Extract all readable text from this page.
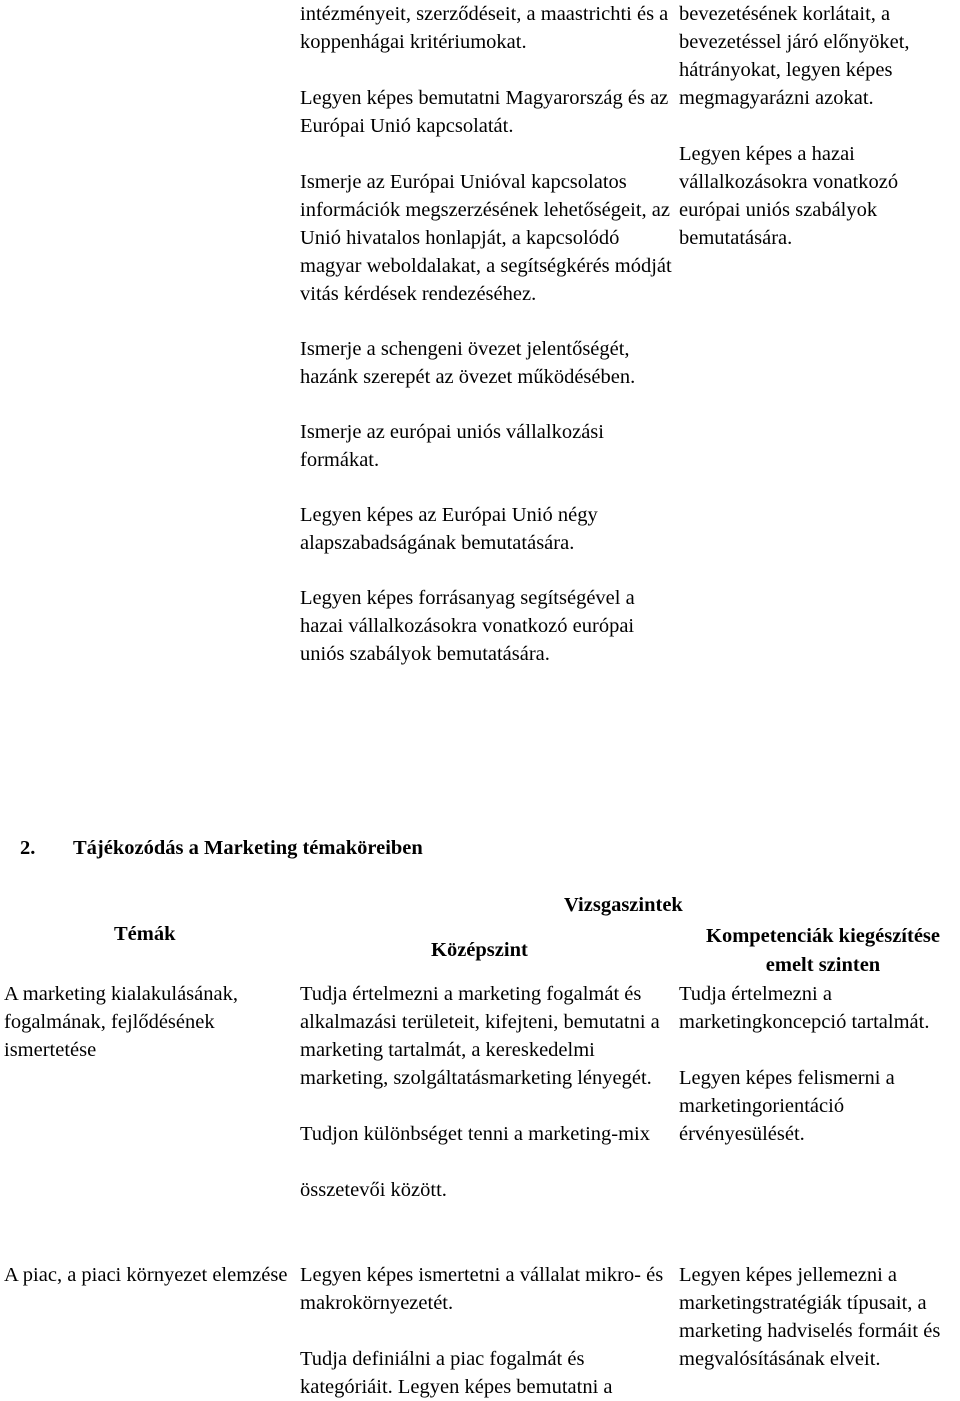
intézményeit, szerződéseit, a maastrichti és a koppenhágai kritériumokat.

Legyen képes bemutatni Magyarország és az Európai Unió kapcsolatát.

Ismerje az Európai Unióval kapcsolatos információk megszerzésének lehetőségeit, az Unió hivatalos honlapját, a kapcsolódó magyar weboldalakat, a segítségkérés módját vitás kérdések rendezéséhez.

Ismerje a schengeni övezet jelentőségét, hazánk szerepét az övezet működésében.

Ismerje az európai uniós vállalkozási formákat.

Legyen képes az Európai Unió négy alapszabadságának bemutatására.

Legyen képes forrásanyag segítségével a hazai vállalkozásokra vonatkozó európai uniós szabályok bemutatására.

bevezetésének korlátait, a bevezetéssel járó előnyöket, hátrányokat, legyen képes megmagyarázni azokat.

Legyen képes a hazai vállalkozásokra vonatkozó európai uniós szabályok bemutatására.

2. Tájékozódás a Marketing témaköreiben
Vizsgaszintek
Témák
Középszint
Kompetenciák kiegészítése emelt szinten
A marketing kialakulásának, fogalmának, fejlődésének ismertetése

Tudja értelmezni a marketing fogalmát és alkalmazási területeit, kifejteni, bemutatni a marketing tartalmát, a kereskedelmi marketing, szolgáltatásmarketing lényegét.

Tudjon különbséget tenni a marketing-mix

összetevői között.

Tudja értelmezni a marketingkoncepció tartalmát.

Legyen képes felismerni a marketingorientáció érvényesülését.

A piac, a piaci környezet elemzése Legyen képes ismertetni a vállalat mikro- és makrokörnyezetét.

Tudja definiálni a piac fogalmát és kategóriáit. Legyen képes bemutatni a

Legyen képes jellemezni a marketingstratégiák típusait, a marketing hadviselés formáit és megvalósításának elveit.
